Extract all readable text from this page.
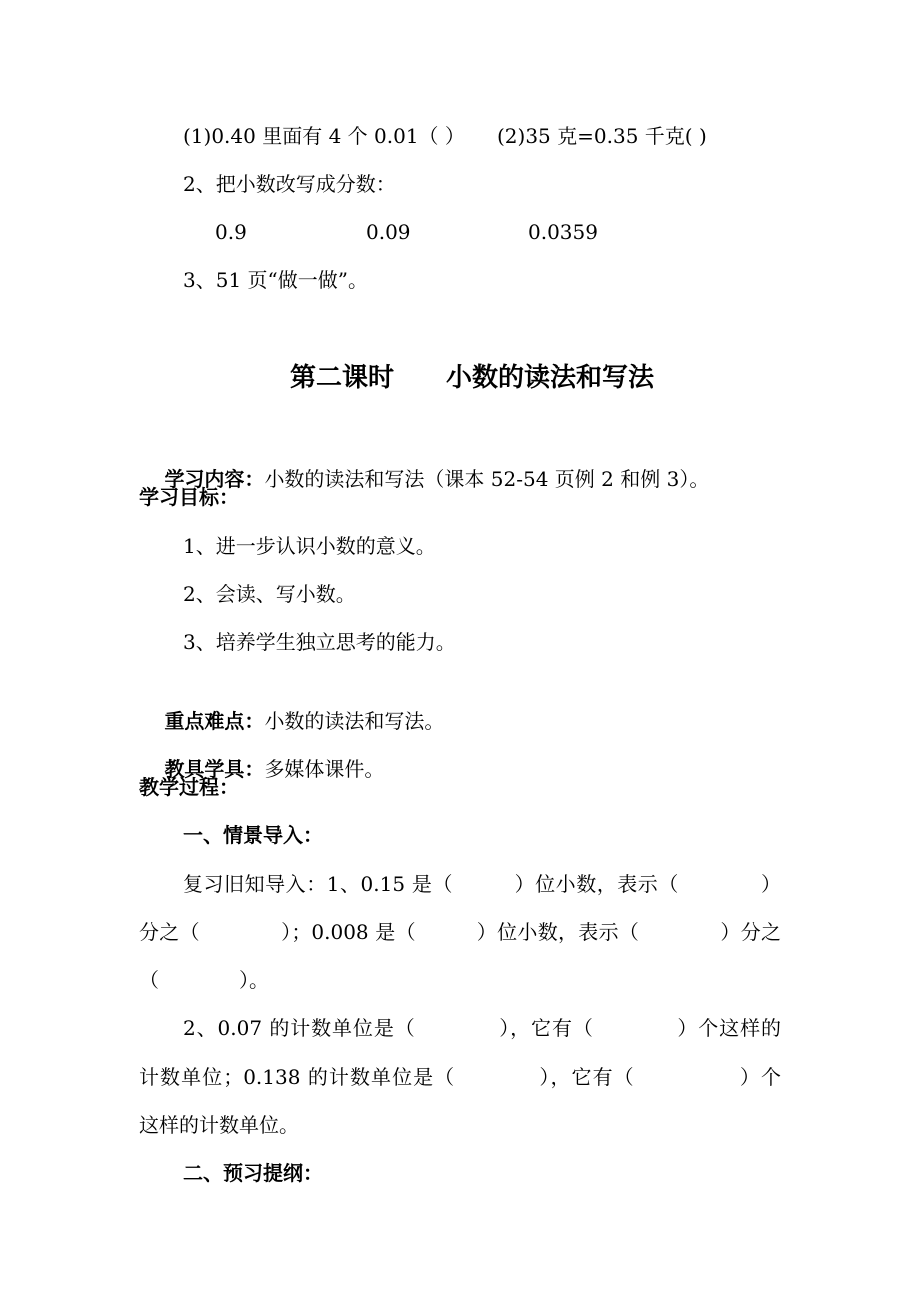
(1)0.40 里面有 4 个 0.01（ ） (2)35 克=0.35 千克( )
2、把小数改写成分数：
0.9	0.09	0.0359
3、51 页“做一做”。
第二课时 小数的读法和写法

学习内容：小数的读法和写法（课本 52-54 页例 2 和例 3）。

学习目标：
1、进一步认识小数的意义。
2、会读、写小数。
3、培养学生独立思考的能力。

重点难点：小数的读法和写法。

教具学具：多媒体课件。

教学过程：
一、情景导入：
复习旧知导入：1、0.15 是（　　　）位小数，表示（　　　　）
分之（　　　　）；0.008 是（　　　）位小数，表示（　　　　）分之
（　　　　）。
2、0.07 的计数单位是（　　　　），它有（　　　　）个这样的
计数单位；0.138 的计数单位是（　　　　），它有（　　　　　）个
这样的计数单位。
二、预习提纲：
